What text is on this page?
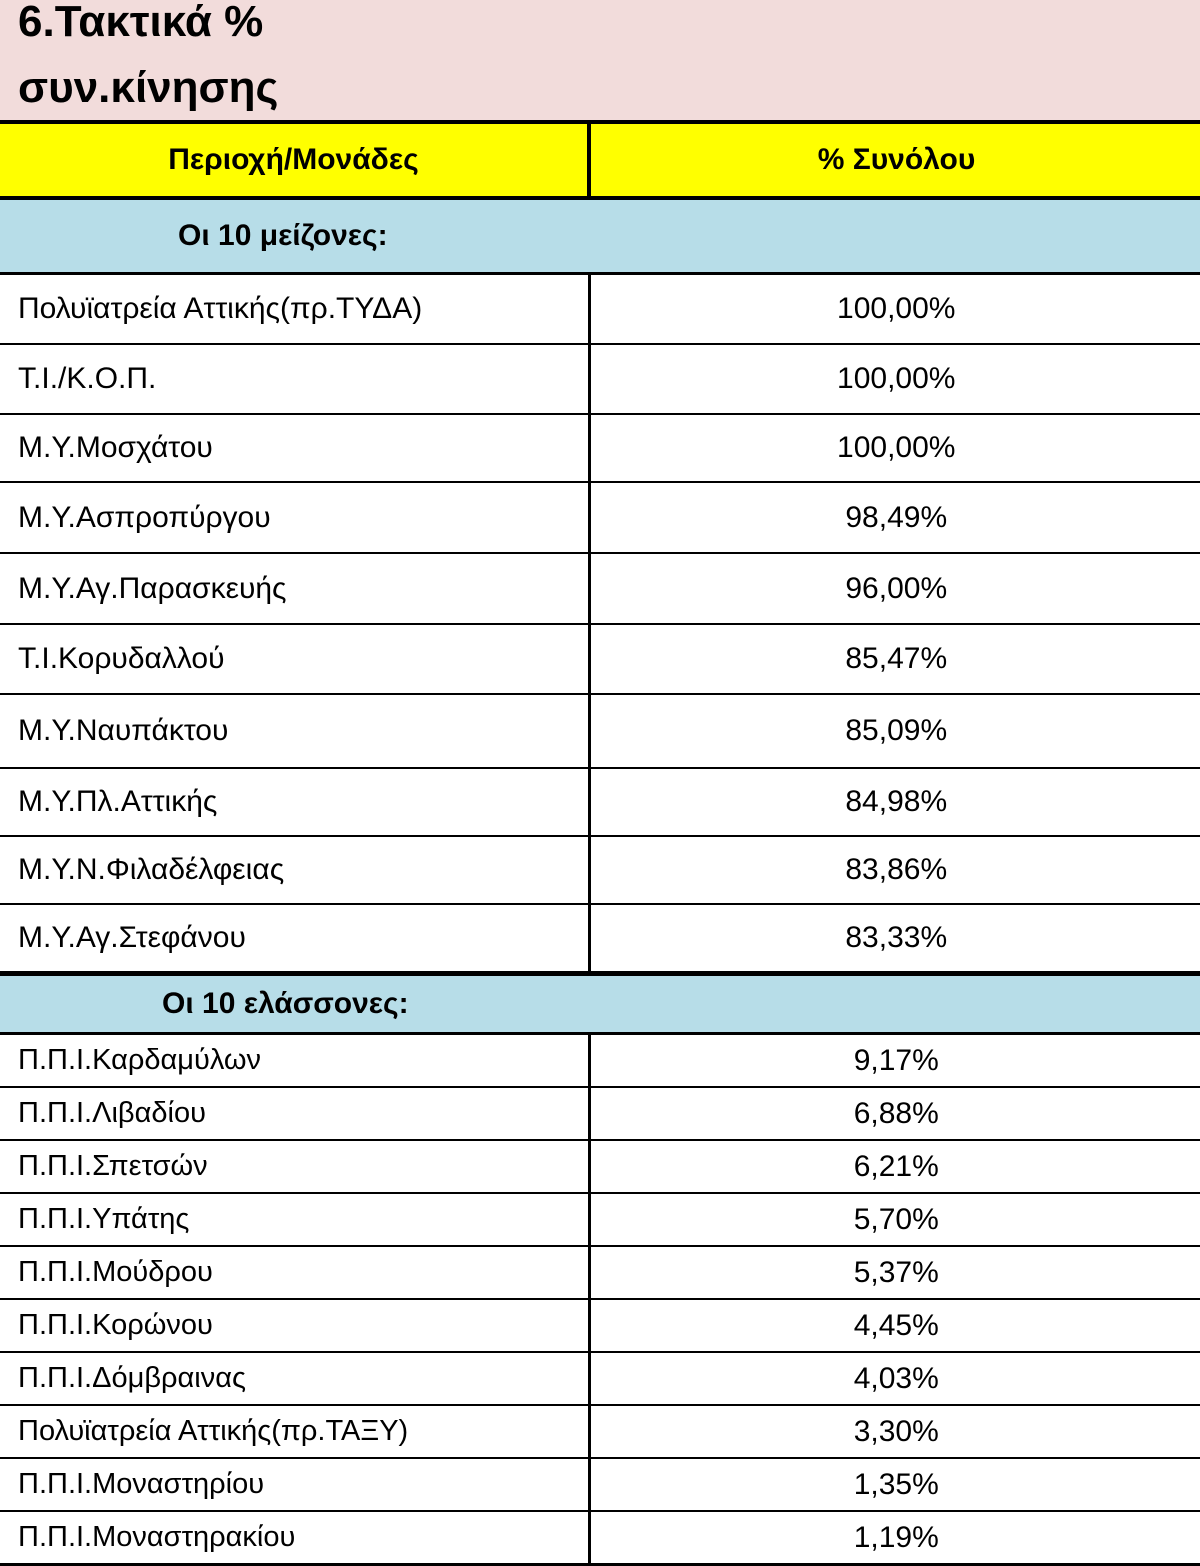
6.Τακτικά %
συν.κίνησης
Περιοχή/Μονάδες	% Συνόλου
Οι 10 μείζονες:	
Πολυϊατρεία Αττικής(πρ.ΤΥΔΑ)	100,00%
Τ.Ι./Κ.Ο.Π.	100,00%
Μ.Υ.Μοσχάτου	100,00%
Μ.Υ.Ασπροπύργου	98,49%
Μ.Υ.Αγ.Παρασκευής	96,00%
Τ.Ι.Κορυδαλλού	85,47%
Μ.Υ.Ναυπάκτου	85,09%
Μ.Υ.Πλ.Αττικής	84,98%
Μ.Υ.Ν.Φιλαδέλφειας	83,86%
Μ.Υ.Αγ.Στεφάνου	83,33%
Οι 10 ελάσσονες:	
Π.Π.Ι.Καρδαμύλων	9,17%
Π.Π.Ι.Λιβαδίου	6,88%
Π.Π.Ι.Σπετσών	6,21%
Π.Π.Ι.Υπάτης	5,70%
Π.Π.Ι.Μούδρου	5,37%
Π.Π.Ι.Κορώνου	4,45%
Π.Π.Ι.Δόμβραινας	4,03%
Πολυϊατρεία Αττικής(πρ.ΤΑΞΥ)	3,30%
Π.Π.Ι.Μοναστηρίου	1,35%
Π.Π.Ι.Μοναστηρακίου	1,19%
